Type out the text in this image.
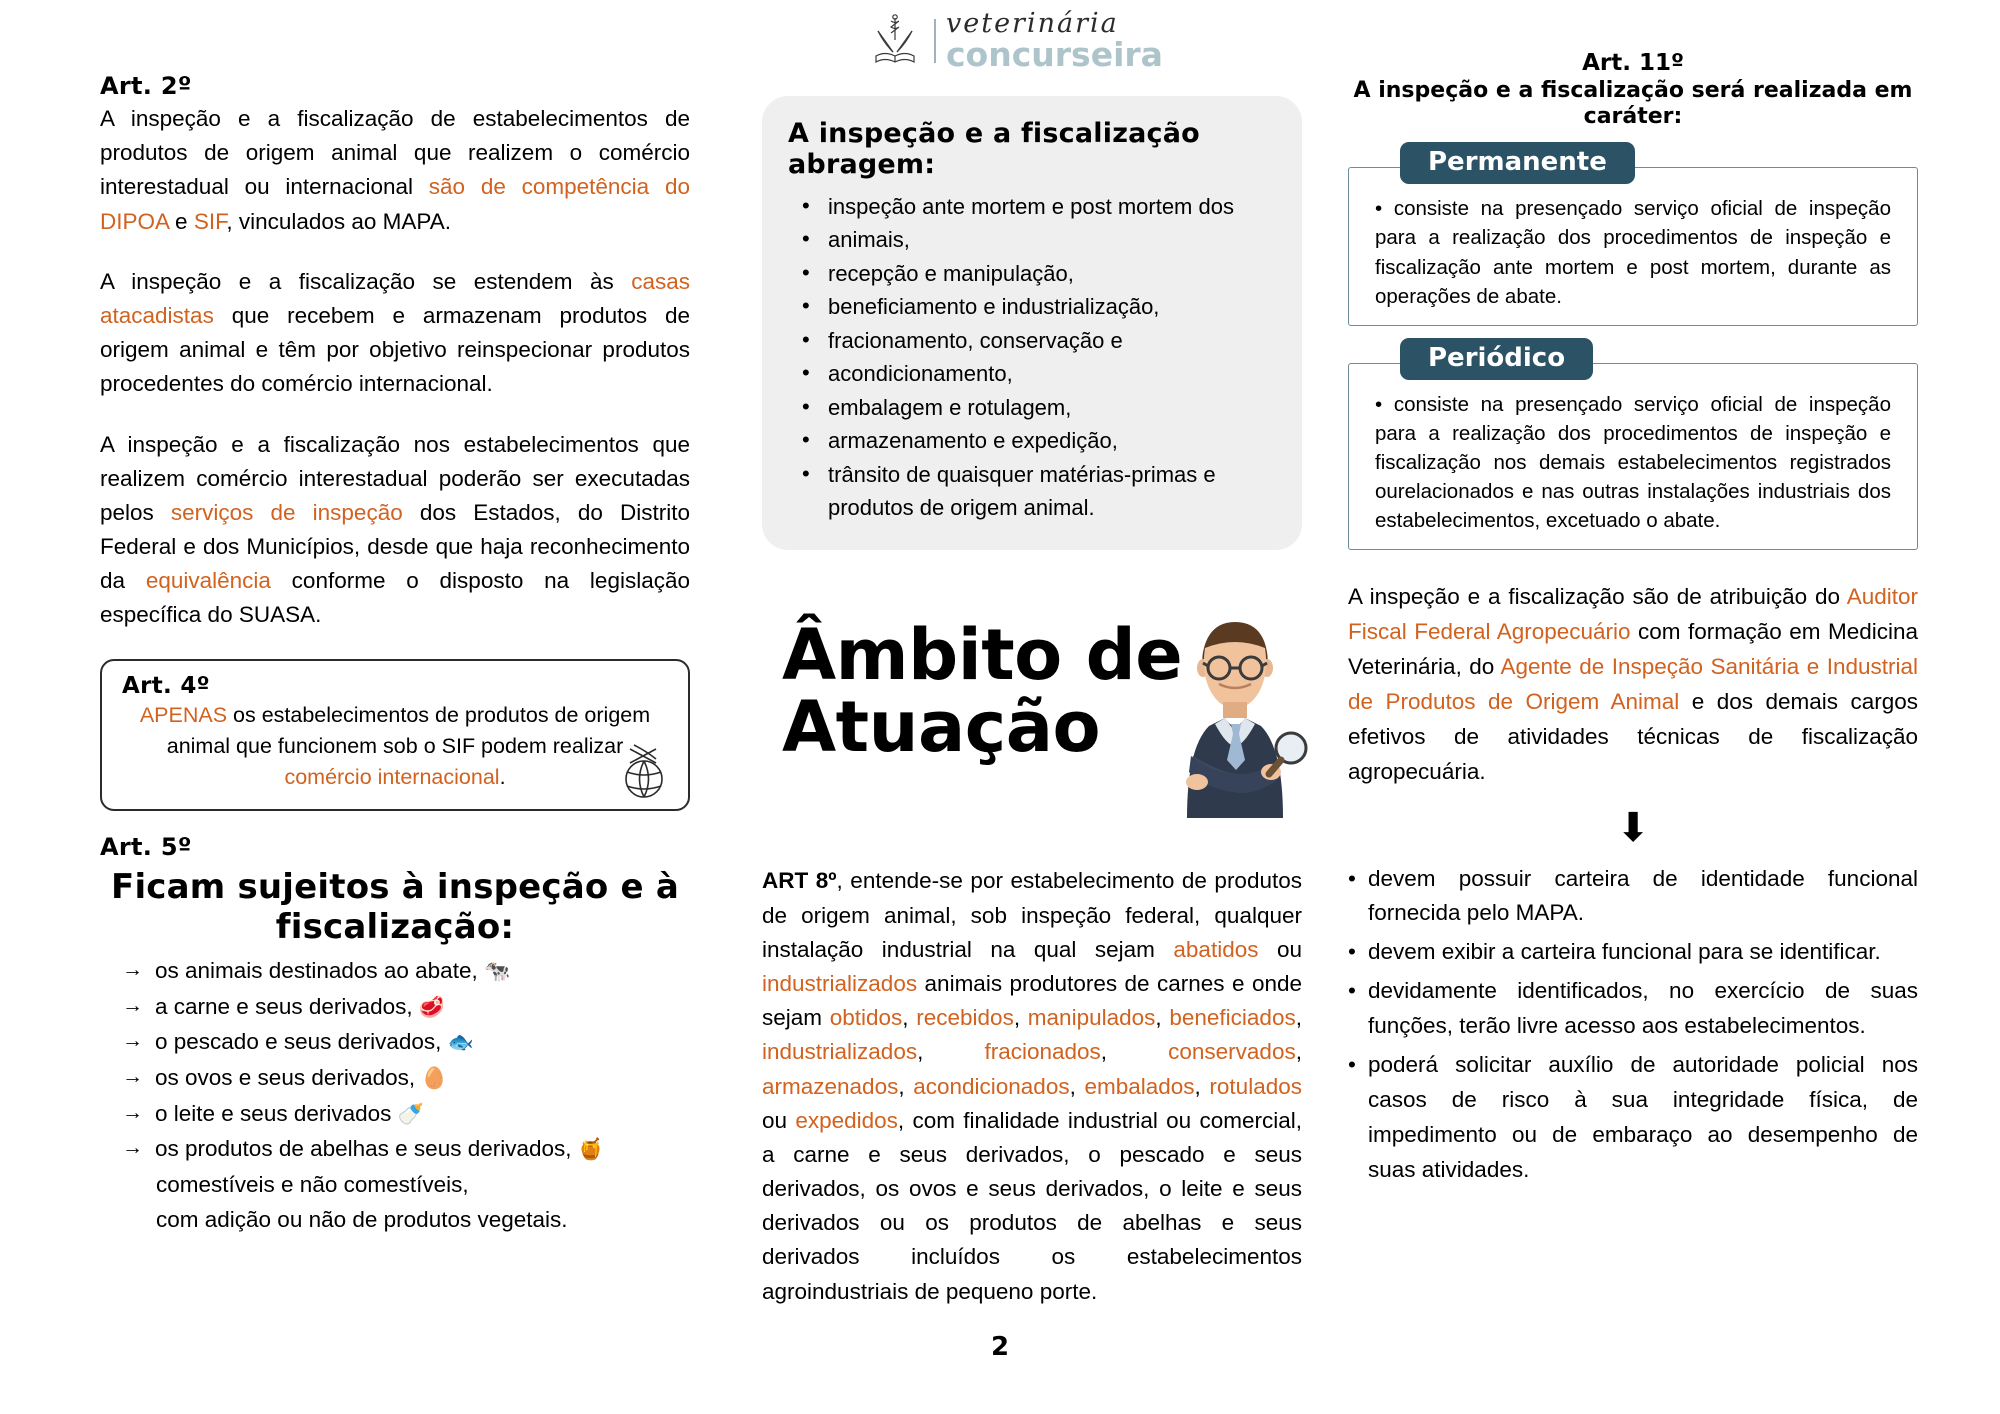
veterinária
concurseira
Art. 2º

A inspeção e a fiscalização de estabelecimentos de produtos de origem animal que realizem o comércio interestadual ou internacional são de competência do DIPOA e SIF, vinculados ao MAPA.

A inspeção e a fiscalização se estendem às casas atacadistas que recebem e armazenam produtos de origem animal e têm por objetivo reinspecionar produtos procedentes do comércio internacional.

A inspeção e a fiscalização nos estabelecimentos que realizem comércio interestadual poderão ser executadas pelos serviços de inspeção dos Estados, do Distrito Federal e dos Municípios, desde que haja reconhecimento da equivalência conforme o disposto na legislação específica do SUASA.

Art. 4º
APENAS os estabelecimentos de produtos de origem animal que funcionem sob o SIF podem realizar comércio internacional.
Art. 5º
Ficam sujeitos à inspeção e à fiscalização:
→ os animais destinados ao abate, 🐄
→ a carne e seus derivados, 🥩
→ o pescado e seus derivados, 🐟
→ os ovos e seus derivados, 🥚
→ o leite e seus derivados 🍼
→ os produtos de abelhas e seus derivados, 🍯
comestíveis e não comestíveis,
com adição ou não de produtos vegetais.
A inspeção e a fiscalização abragem:
• inspeção ante mortem e post mortem dos
• animais,
• recepção e manipulação,
• beneficiamento e industrialização,
• fracionamento, conservação e
• acondicionamento,
• embalagem e rotulagem,
• armazenamento e expedição,
• trânsito de quaisquer matérias-primas e produtos de origem animal.
Âmbito de
Atuação

ART 8º, entende-se por estabelecimento de produtos de origem animal, sob inspeção federal, qualquer instalação industrial na qual sejam abatidos ou industrializados animais produtores de carnes e onde sejam obtidos, recebidos, manipulados, beneficiados, industrializados, fracionados, conservados, armazenados, acondicionados, embalados, rotulados ou expedidos, com finalidade industrial ou comercial, a carne e seus derivados, o pescado e seus derivados, os ovos e seus derivados, o leite e seus derivados ou os produtos de abelhas e seus derivados incluídos os estabelecimentos agroindustriais de pequeno porte.

Art. 11º
A inspeção e a fiscalização será realizada em caráter:
Permanente

• consiste na presençado serviço oficial de inspeção para a realização dos procedimentos de inspeção e fiscalização ante mortem e post mortem, durante as operações de abate.

Periódico

• consiste na presençado serviço oficial de inspeção para a realização dos procedimentos de inspeção e fiscalização nos demais estabelecimentos registrados ourelacionados e nas outras instalações industriais dos estabelecimentos, excetuado o abate.

A inspeção e a fiscalização são de atribuição do Auditor Fiscal Federal Agropecuário com formação em Medicina Veterinária, do Agente de Inspeção Sanitária e Industrial de Produtos de Origem Animal e dos demais cargos efetivos de atividades técnicas de fiscalização agropecuária.

⬇
• devem possuir carteira de identidade funcional fornecida pelo MAPA.
• devem exibir a carteira funcional para se identificar.
• devidamente identificados, no exercício de suas funções, terão livre acesso aos estabelecimentos.
• poderá solicitar auxílio de autoridade policial nos casos de risco à sua integridade física, de impedimento ou de embaraço ao desempenho de suas atividades.
2
